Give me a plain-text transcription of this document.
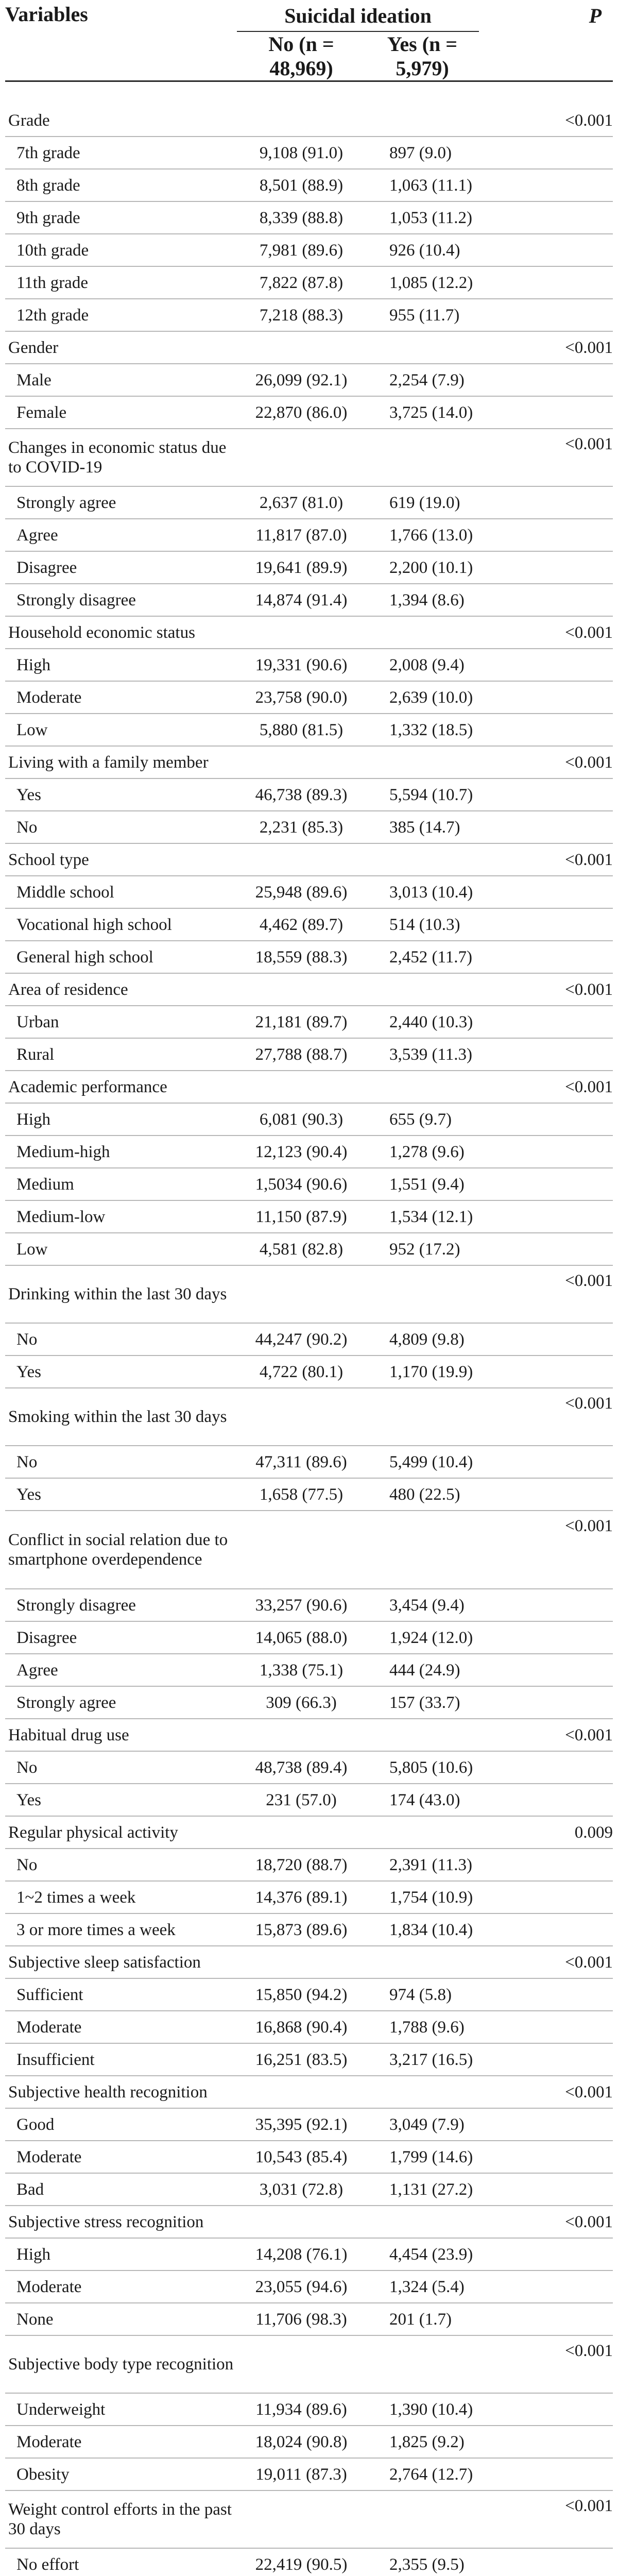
Variables	Suicidal ideation		P
	No (n = 48,969)	Yes (n = 5,979)	

Grade			<0.001
7th grade	9,108 (91.0)	897 (9.0)	
8th grade	8,501 (88.9)	1,063 (11.1)	
9th grade	8,339 (88.8)	1,053 (11.2)	
10th grade	7,981 (89.6)	926 (10.4)	
11th grade	7,822 (87.8)	1,085 (12.2)	
12th grade	7,218 (88.3)	955 (11.7)	
Gender			<0.001
Male	26,099 (92.1)	2,254 (7.9)	
Female	22,870 (86.0)	3,725 (14.0)	
Changes in economic status due to COVID-19			<0.001
Strongly agree	2,637 (81.0)	619 (19.0)	
Agree	11,817 (87.0)	1,766 (13.0)	
Disagree	19,641 (89.9)	2,200 (10.1)	
Strongly disagree	14,874 (91.4)	1,394 (8.6)	
Household economic status			<0.001
High	19,331 (90.6)	2,008 (9.4)	
Moderate	23,758 (90.0)	2,639 (10.0)	
Low	5,880 (81.5)	1,332 (18.5)	
Living with a family member			<0.001
Yes	46,738 (89.3)	5,594 (10.7)	
No	2,231 (85.3)	385 (14.7)	
School type			<0.001
Middle school	25,948 (89.6)	3,013 (10.4)	
Vocational high school	4,462 (89.7)	514 (10.3)	
General high school	18,559 (88.3)	2,452 (11.7)	
Area of residence			<0.001
Urban	21,181 (89.7)	2,440 (10.3)	
Rural	27,788 (88.7)	3,539 (11.3)	
Academic performance			<0.001
High	6,081 (90.3)	655 (9.7)	
Medium-high	12,123 (90.4)	1,278 (9.6)	
Medium	1,5034 (90.6)	1,551 (9.4)	
Medium-low	11,150 (87.9)	1,534 (12.1)	
Low	4,581 (82.8)	952 (17.2)	
Drinking within the last 30 days			<0.001
No	44,247 (90.2)	4,809 (9.8)	
Yes	4,722 (80.1)	1,170 (19.9)	
Smoking within the last 30 days			<0.001
No	47,311 (89.6)	5,499 (10.4)	
Yes	1,658 (77.5)	480 (22.5)	
Conflict in social relation due to smartphone overdependence			<0.001
Strongly disagree	33,257 (90.6)	3,454 (9.4)	
Disagree	14,065 (88.0)	1,924 (12.0)	
Agree	1,338 (75.1)	444 (24.9)	
Strongly agree	309 (66.3)	157 (33.7)	
Habitual drug use			<0.001
No	48,738 (89.4)	5,805 (10.6)	
Yes	231 (57.0)	174 (43.0)	
Regular physical activity			0.009
No	18,720 (88.7)	2,391 (11.3)	
1~2 times a week	14,376 (89.1)	1,754 (10.9)	
3 or more times a week	15,873 (89.6)	1,834 (10.4)	
Subjective sleep satisfaction			<0.001
Sufficient	15,850 (94.2)	974 (5.8)	
Moderate	16,868 (90.4)	1,788 (9.6)	
Insufficient	16,251 (83.5)	3,217 (16.5)	
Subjective health recognition			<0.001
Good	35,395 (92.1)	3,049 (7.9)	
Moderate	10,543 (85.4)	1,799 (14.6)	
Bad	3,031 (72.8)	1,131 (27.2)	
Subjective stress recognition			<0.001
High	14,208 (76.1)	4,454 (23.9)	
Moderate	23,055 (94.6)	1,324 (5.4)	
None	11,706 (98.3)	201 (1.7)	
Subjective body type recognition			<0.001
Underweight	11,934 (89.6)	1,390 (10.4)	
Moderate	18,024 (90.8)	1,825 (9.2)	
Obesity	19,011 (87.3)	2,764 (12.7)	
Weight control efforts in the past 30 days			<0.001
No effort	22,419 (90.5)	2,355 (9.5)	
